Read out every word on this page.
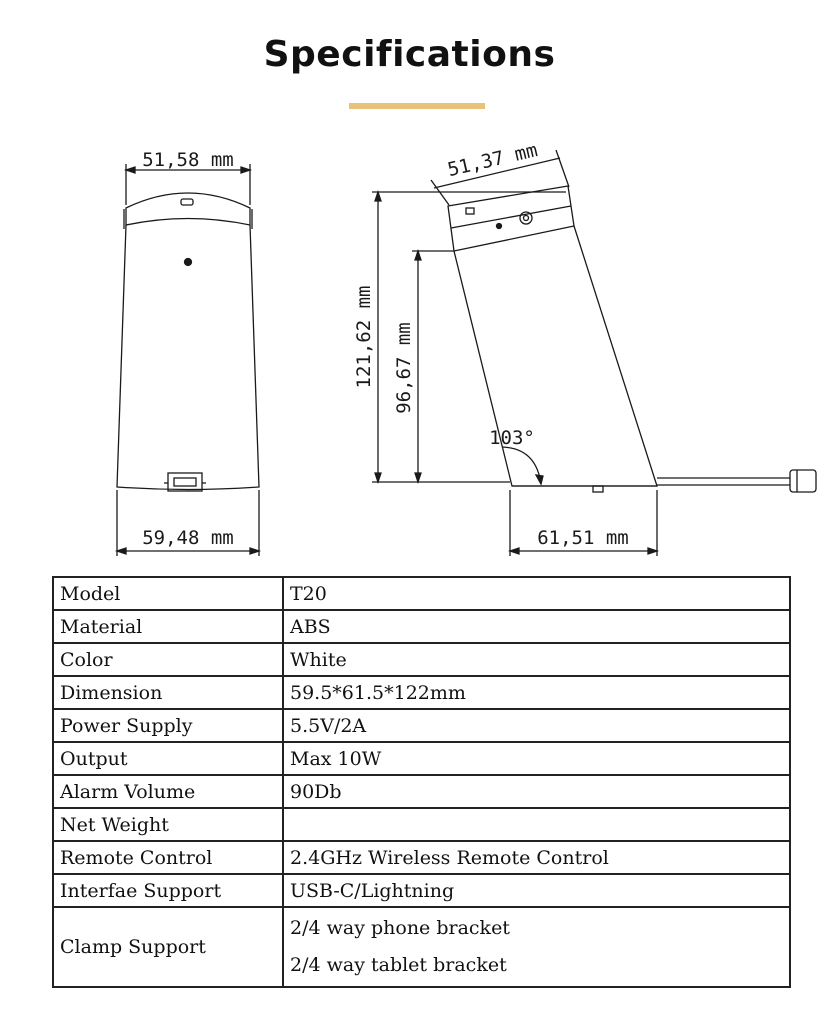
Specifications
51,58 mm
59,48 mm
51,37 mm
121,62 mm 96,67 mm
103°
61,51 mm
Model	T20
Material	ABS
Color	White
Dimension	59.5*61.5*122mm
Power Supply	5.5V/2A
Output	Max 10W
Alarm Volume	90Db
Net Weight	
Remote Control	2.4GHz Wireless Remote Control
Interfae Support	USB-C/Lightning
Clamp Support	2/4 way phone bracket
2/4 way tablet bracket
